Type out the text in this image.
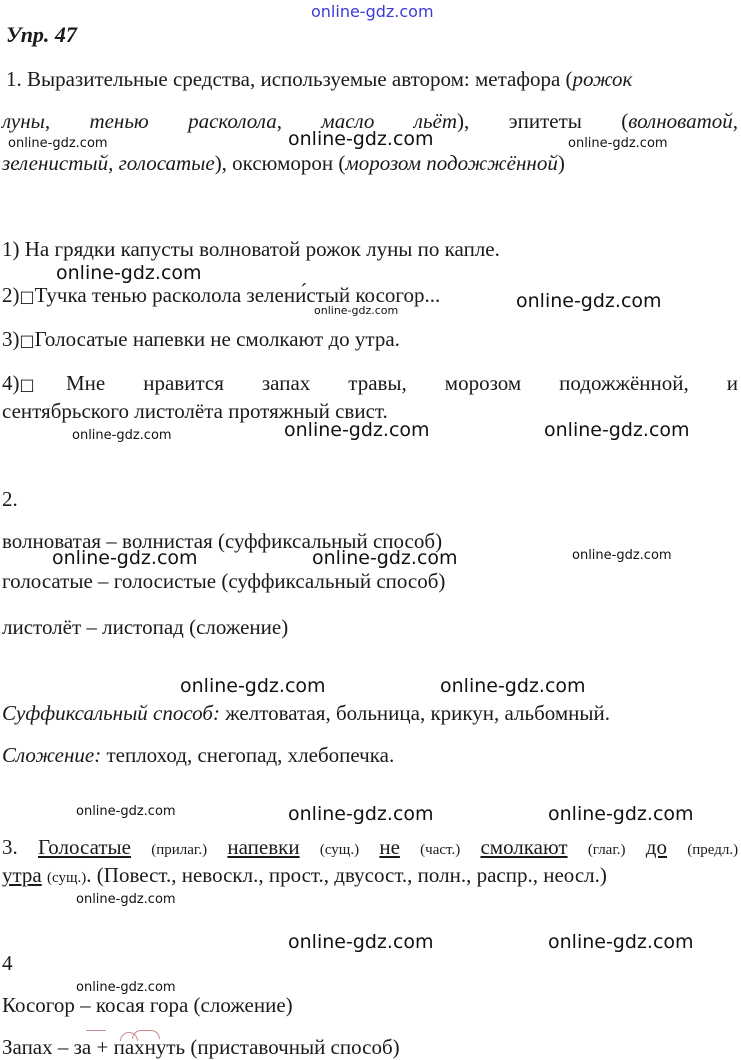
online-gdz.com
Упр. 47
1. Выразительные средства, используемые автором: метафора (рожок
луны, тенью расколола, масло льёт), эпитеты (волноватой,
зеленистый, голосатые), оксюморон (морозом подожжённой)
1) На грядки капусты волноватой рожок луны по капле.
2)□Тучка тенью расколола зелени́стый косогор...
3)□Голосатые напевки не смолкают до утра.
4)□ Мне нравится запах травы, морозом подожжённой, и
сентябрьского листолёта протяжный свист.
2.
волноватая – волнистая (суффиксальный способ)
голосатые – голосистые (суффиксальный способ)
листолёт – листопад (сложение)
Суффиксальный способ: желтоватая, больница, крикун, альбомный.
Сложение: теплоход, снегопад, хлебопечка.
3. Голосатые (прилаг.) напевки (сущ.) не (част.) смолкают (глаг.) до (предл.)
утра (сущ.). (Повест., невоскл., прост., двусост., полн., распр., неосл.)
4
Косогор – косая гора (сложение)
Запах – за + пахнуть (приставочный способ)
online-gdz.com	online-gdz.com	online-gdz.com
online-gdz.com
online-gdz.com	online-gdz.com
online-gdz.com	online-gdz.com	online-gdz.com
online-gdz.com	online-gdz.com	online-gdz.com
online-gdz.com	online-gdz.com
online-gdz.com	online-gdz.com	online-gdz.com
online-gdz.com
online-gdz.com	online-gdz.com
online-gdz.com
